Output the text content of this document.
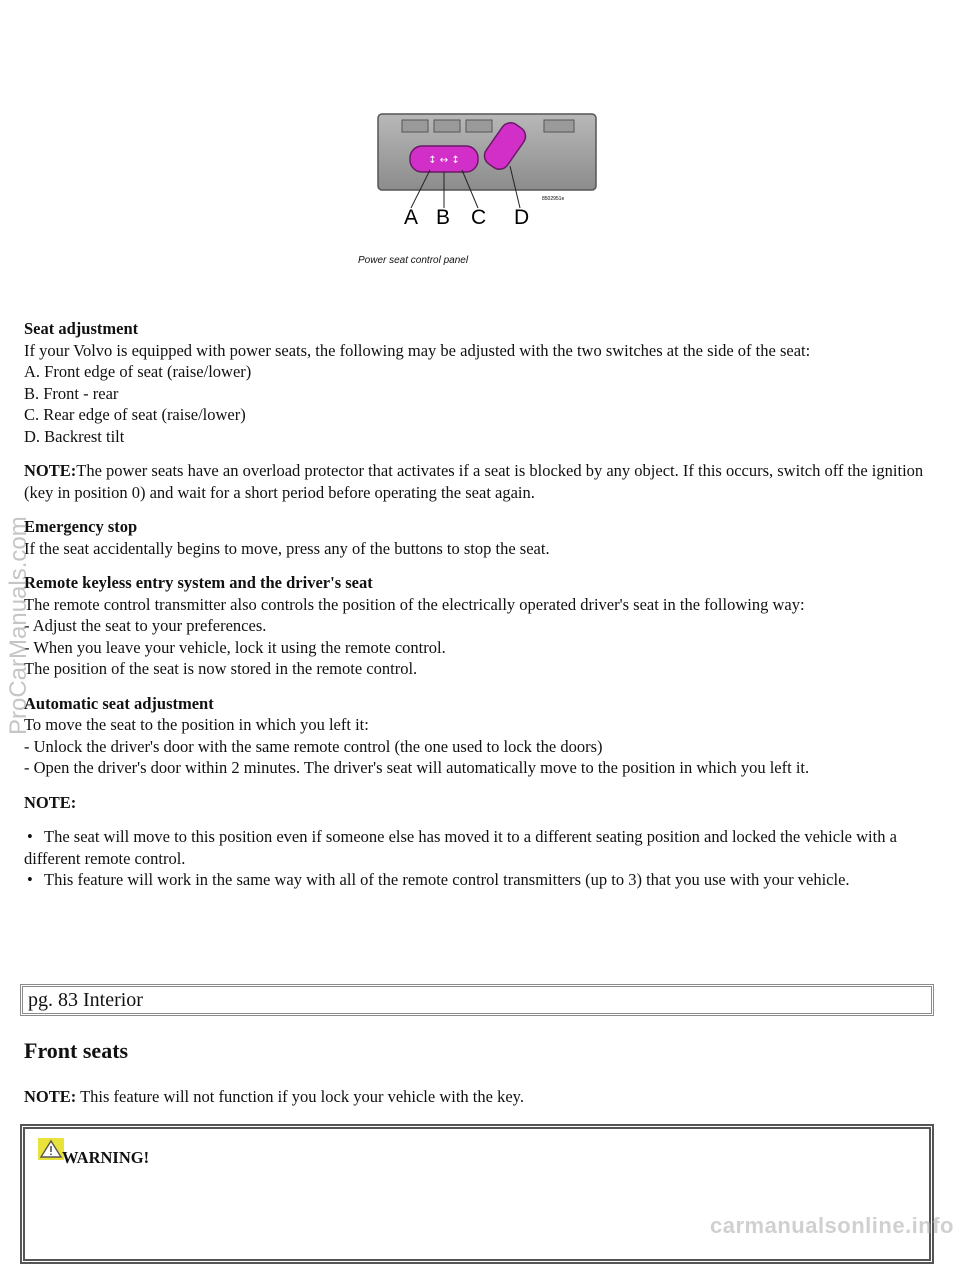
↕ ↔ ↕
A B C D
8502951e
Power seat control panel

Seat adjustment

If your Volvo is equipped with power seats, the following may be adjusted with the two switches at the side of the seat:

A. Front edge of seat (raise/lower)

B. Front - rear

C. Rear edge of seat (raise/lower)

D. Backrest tilt

NOTE:The power seats have an overload protector that activates if a seat is blocked by any object. If this occurs, switch off the ignition (key in position 0) and wait for a short period before operating the seat again.

Emergency stop

If the seat accidentally begins to move, press any of the buttons to stop the seat.

Remote keyless entry system and the driver's seat

The remote control transmitter also controls the position of the electrically operated driver's seat in the following way:

- Adjust the seat to your preferences.

- When you leave your vehicle, lock it using the remote control.

The position of the seat is now stored in the remote control.

Automatic seat adjustment

To move the seat to the position in which you left it:

- Unlock the driver's door with the same remote control (the one used to lock the doors)

- Open the driver's door within 2 minutes. The driver's seat will automatically move to the position in which you left it.

NOTE:

• The seat will move to this position even if someone else has moved it to a different seating position and locked the vehicle with a different remote control.
• This feature will work in the same way with all of the remote control transmitters (up to 3) that you use with your vehicle.
pg. 83 Interior
Front seats
NOTE: This feature will not function if you lock your vehicle with the key.
WARNING!
ProCarManuals.com
carmanualsonline.info
